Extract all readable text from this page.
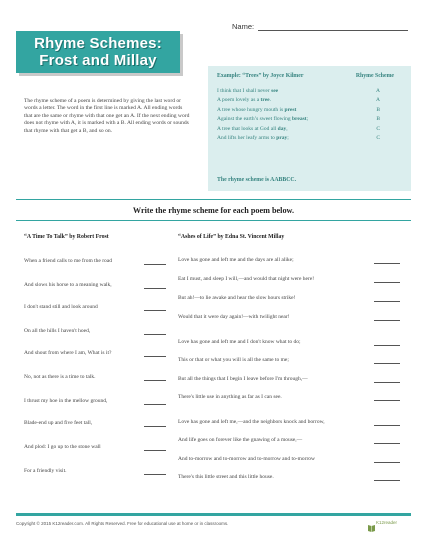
Name:
Rhyme Schemes:
Frost and Millay
The rhyme scheme of a poem is determined by giving the last word or words a letter. The word in the first line is marked A. All ending words that are the same or rhyme with that one get an A. If the next ending word does not rhyme with A, it is marked with a B. All ending words or sounds that rhyme with that get a B, and so on.
Example: “Trees” by Joyce Kilmer	Rhyme Scheme
I think that I shall never see	A
A poem lovely as a tree.	A
A tree whose hungry mouth is prest	B
Against the earth’s sweet flowing breast;	B
A tree that looks at God all day,	C
And lifts her leafy arms to pray;	C
The rhyme scheme is AABBCC.
Write the rhyme scheme for each poem below.
“A Time To Talk” by Robert Frost	“Ashes of Life” by Edna St. Vincent Millay
When a friend calls to me from the road
And slows his horse to a meaning walk,
I don't stand still and look around
On all the hills I haven't hoed,
And shout from where I am, What is it?
No, not as there is a time to talk.
I thrust my hoe in the mellow ground,
Blade-end up and five feet tall,
And plod: I go up to the stone wall
For a friendly visit.
Love has gone and left me and the days are all alike;
Eat I must, and sleep I will,—and would that night were here!
But ah!—to lie awake and hear the slow hours strike!
Would that it were day again!—with twilight near!
Love has gone and left me and I don't know what to do;
This or that or what you will is all the same to me;
But all the things that I begin I leave before I'm through,—
There's little use in anything as far as I can see.
Love has gone and left me,—and the neighbors knock and borrow,
And life goes on forever like the gnawing of a mouse,—
And to-morrow and to-morrow and to-morrow and to-morrow
There's this little street and this little house.
Copyright © 2015 K12reader.com. All Rights Reserved. Free for educational use at home or in classrooms.	K12reader
